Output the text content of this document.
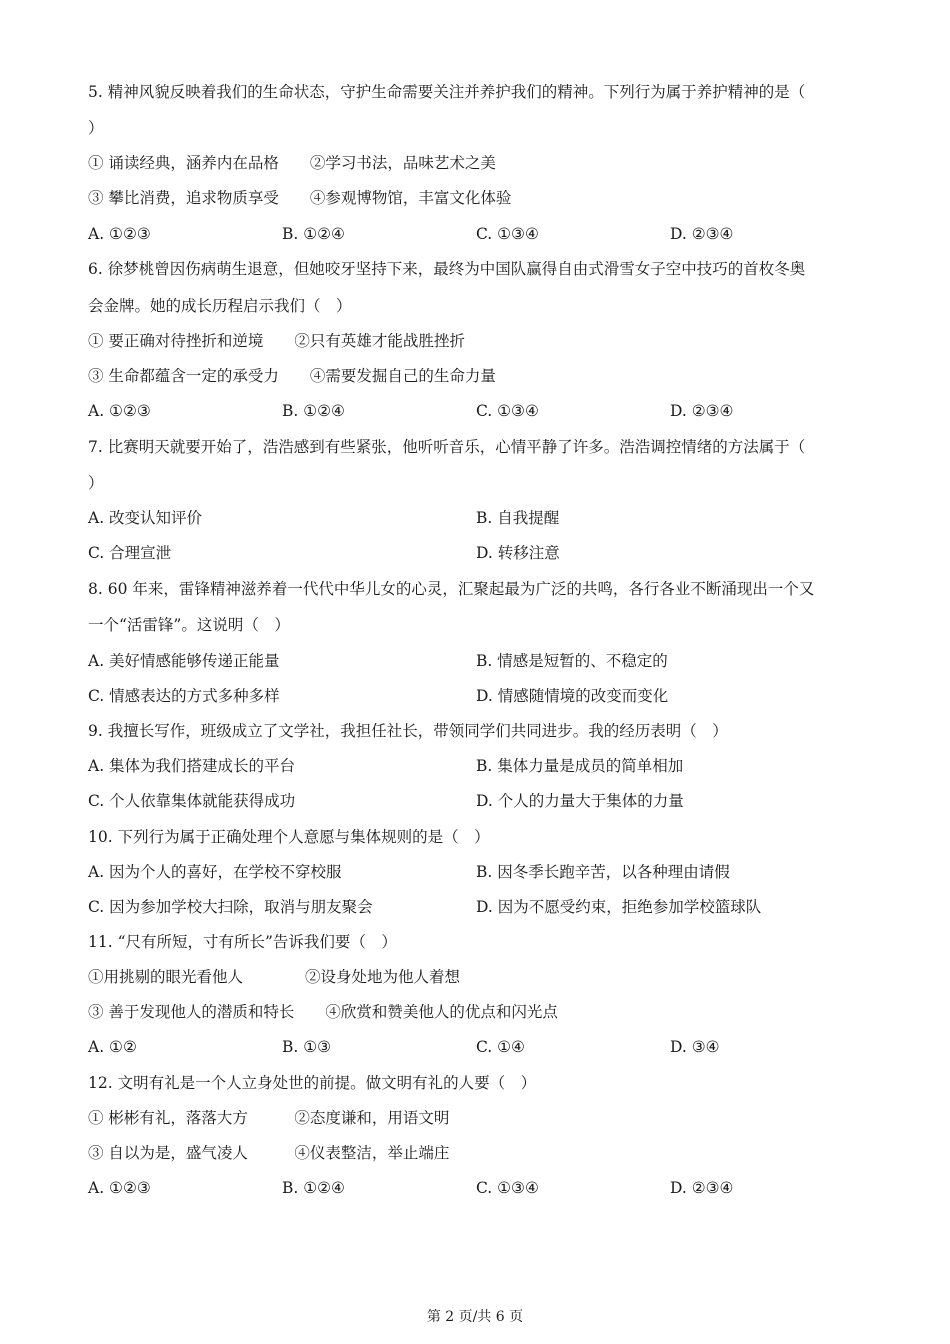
5. 精神风貌反映着我们的生命状态，守护生命需要关注并养护我们的精神。下列行为属于养护精神的是（
）
① 诵读经典，涵养内在品格　　②学习书法，品味艺术之美
③ 攀比消费，追求物质享受　　④参观博物馆，丰富文化体验
A. ①②③	B. ①②④	C. ①③④	D. ②③④
6. 徐梦桃曾因伤病萌生退意，但她咬牙坚持下来，最终为中国队赢得自由式滑雪女子空中技巧的首枚冬奥
会金牌。她的成长历程启示我们（　）
① 要正确对待挫折和逆境　　②只有英雄才能战胜挫折
③ 生命都蕴含一定的承受力　　④需要发掘自己的生命力量
A. ①②③	B. ①②④	C. ①③④	D. ②③④
7. 比赛明天就要开始了，浩浩感到有些紧张，他听听音乐，心情平静了许多。浩浩调控情绪的方法属于（
）
A. 改变认知评价	B. 自我提醒
C. 合理宣泄	D. 转移注意
8. 60 年来，雷锋精神滋养着一代代中华儿女的心灵，汇聚起最为广泛的共鸣，各行各业不断涌现出一个又
一个“活雷锋”。这说明（　）
A. 美好情感能够传递正能量	B. 情感是短暂的、不稳定的
C. 情感表达的方式多种多样	D. 情感随情境的改变而变化
9. 我擅长写作，班级成立了文学社，我担任社长，带领同学们共同进步。我的经历表明（　）
A. 集体为我们搭建成长的平台	B. 集体力量是成员的简单相加
C. 个人依靠集体就能获得成功	D. 个人的力量大于集体的力量
10. 下列行为属于正确处理个人意愿与集体规则的是（　）
A. 因为个人的喜好，在学校不穿校服	B. 因冬季长跑辛苦，以各种理由请假
C. 因为参加学校大扫除，取消与朋友聚会	D. 因为不愿受约束，拒绝参加学校篮球队
11. “尺有所短，寸有所长”告诉我们要（　）
①用挑剔的眼光看他人　　　　②设身处地为他人着想
③ 善于发现他人的潜质和特长　　④欣赏和赞美他人的优点和闪光点
A. ①②	B. ①③	C. ①④	D. ③④
12. 文明有礼是一个人立身处世的前提。做文明有礼的人要（　）
① 彬彬有礼，落落大方　　　②态度谦和，用语文明
③ 自以为是，盛气凌人　　　④仪表整洁，举止端庄
A. ①②③	B. ①②④	C. ①③④	D. ②③④
第 2 页/共 6 页
